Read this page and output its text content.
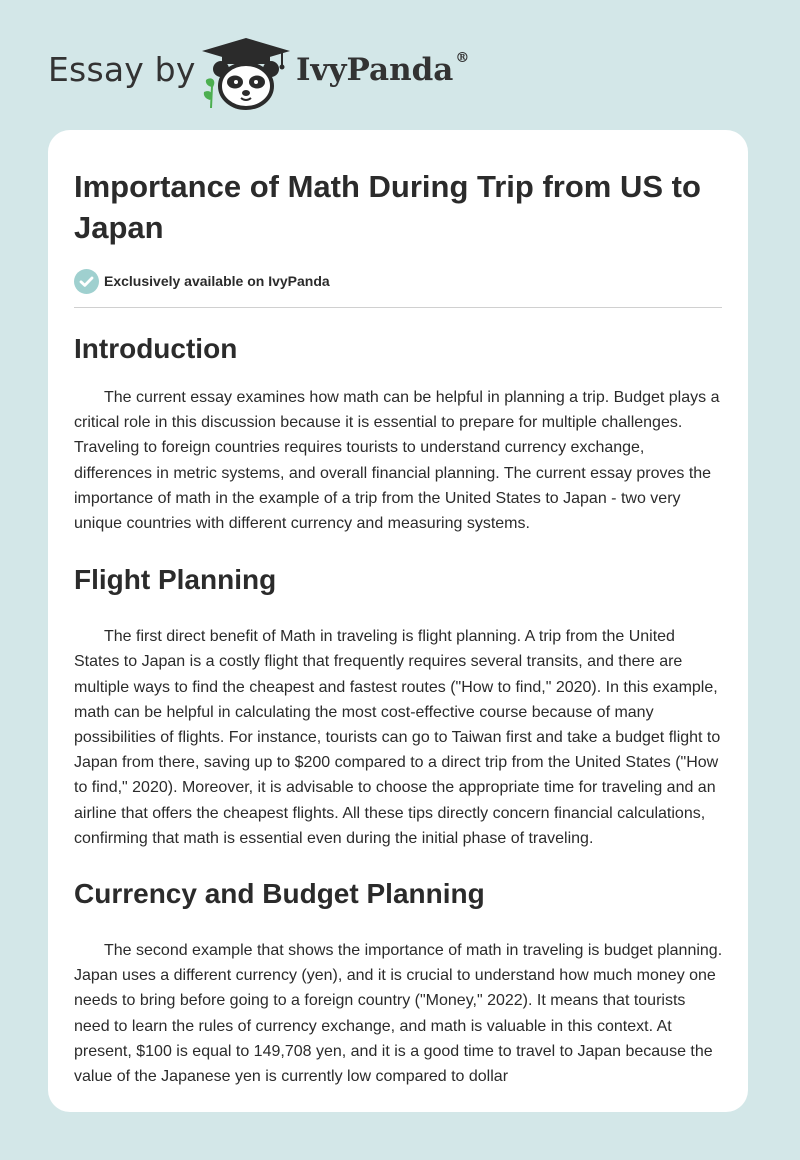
Essay by	IvyPanda ®
Importance of Math During Trip from US to Japan
Exclusively available on IvyPanda
Introduction

The current essay examines how math can be helpful in planning a trip. Budget plays a critical role in this discussion because it is essential to prepare for multiple challenges. Traveling to foreign countries requires tourists to understand currency exchange, differences in metric systems, and overall financial planning. The current essay proves the importance of math in the example of a trip from the United States to Japan - two very unique countries with different currency and measuring systems.

Flight Planning

The first direct benefit of Math in traveling is flight planning. A trip from the United States to Japan is a costly flight that frequently requires several transits, and there are multiple ways to find the cheapest and fastest routes ("How to find," 2020). In this example, math can be helpful in calculating the most cost-effective course because of many possibilities of flights. For instance, tourists can go to Taiwan first and take a budget flight to Japan from there, saving up to $200 compared to a direct trip from the United States ("How to find," 2020). Moreover, it is advisable to choose the appropriate time for traveling and an airline that offers the cheapest flights. All these tips directly concern financial calculations, confirming that math is essential even during the initial phase of traveling.

Currency and Budget Planning

The second example that shows the importance of math in traveling is budget planning. Japan uses a different currency (yen), and it is crucial to understand how much money one needs to bring before going to a foreign country ("Money," 2022). It means that tourists need to learn the rules of currency exchange, and math is valuable in this context. At present, $100 is equal to 149,708 yen, and it is a good time to travel to Japan because the value of the Japanese yen is currently low compared to dollar
